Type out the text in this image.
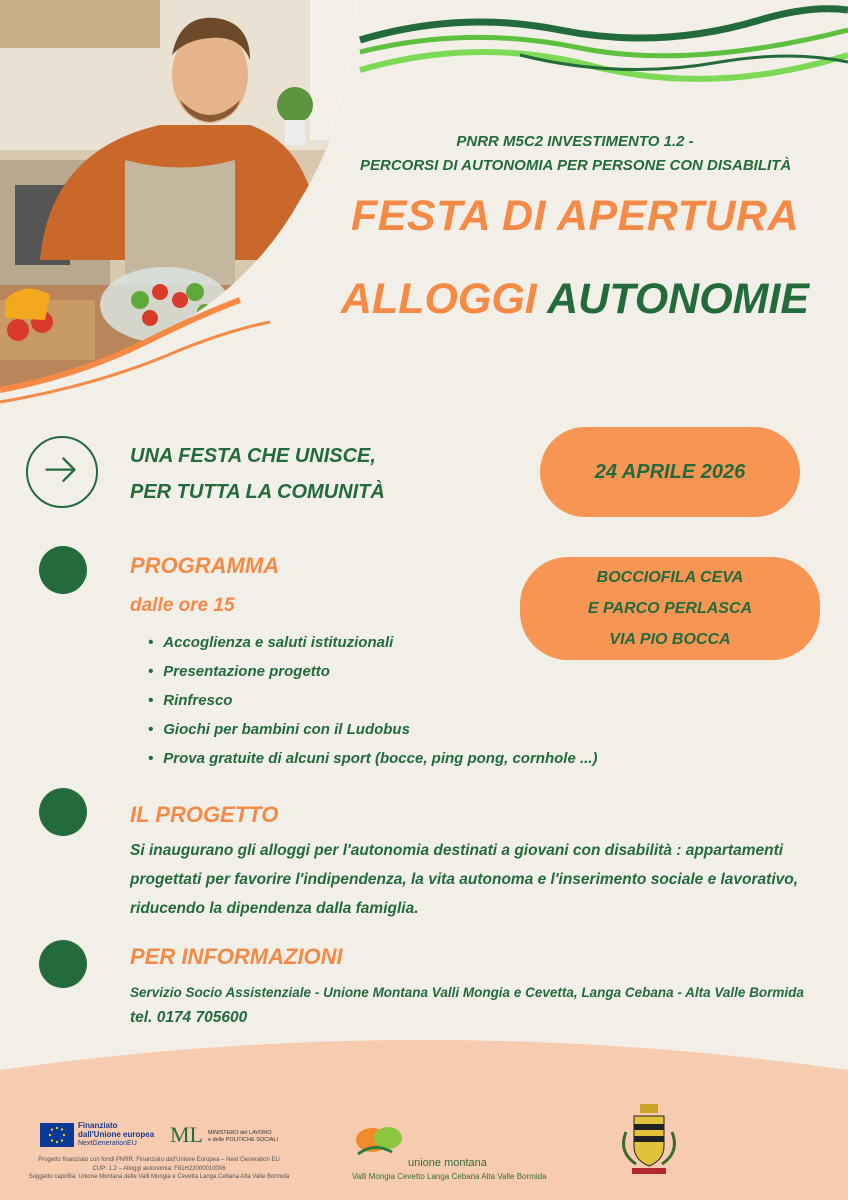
PNRR M5C2 INVESTIMENTO 1.2 -
PERCORSI DI AUTONOMIA PER PERSONE CON DISABILITÀ
FESTA DI APERTURA
ALLOGGI AUTONOMIE
UNA FESTA CHE UNISCE,
PER TUTTA LA COMUNITÀ
24 APRILE 2026
BOCCIOFILA CEVA
E PARCO PERLASCA
VIA PIO BOCCA
PROGRAMMA
dalle ore 15
• Accoglienza e saluti istituzionali
• Presentazione progetto
• Rinfresco
• Giochi per bambini con il Ludobus
• Prova gratuite di alcuni sport (bocce, ping pong, cornhole ...)
IL PROGETTO
Si inaugurano gli alloggi per l'autonomia destinati a giovani con disabilità : appartamenti progettati per favorire l'indipendenza, la vita autonoma e l'inserimento sociale e lavorativo, riducendo la dipendenza dalla famiglia.
PER INFORMAZIONI
Servizio Socio Assistenziale - Unione Montana Valli Mongia e Cevetta, Langa Cebana - Alta Valle Bormida
tel. 0174 705600
Finanziato
dall'Unione europea
NextGenerationEU	ML MINISTERO del LAVORO
e delle POLITICHE SOCIALI
Progetto finanziato con fondi PNRR: Finanziato dall'Unione Europea – Next Generation EU
CUP: 1.2 – Alloggi autonomia: F81H22000010006
Soggetto capofila: Unione Montana delle Valli Mongia e Cevetta Langa Cebana Alta Valle Bormida
unione montana
Valli Mongia Cevetto Langa Cebana Alta Valle Bormida
